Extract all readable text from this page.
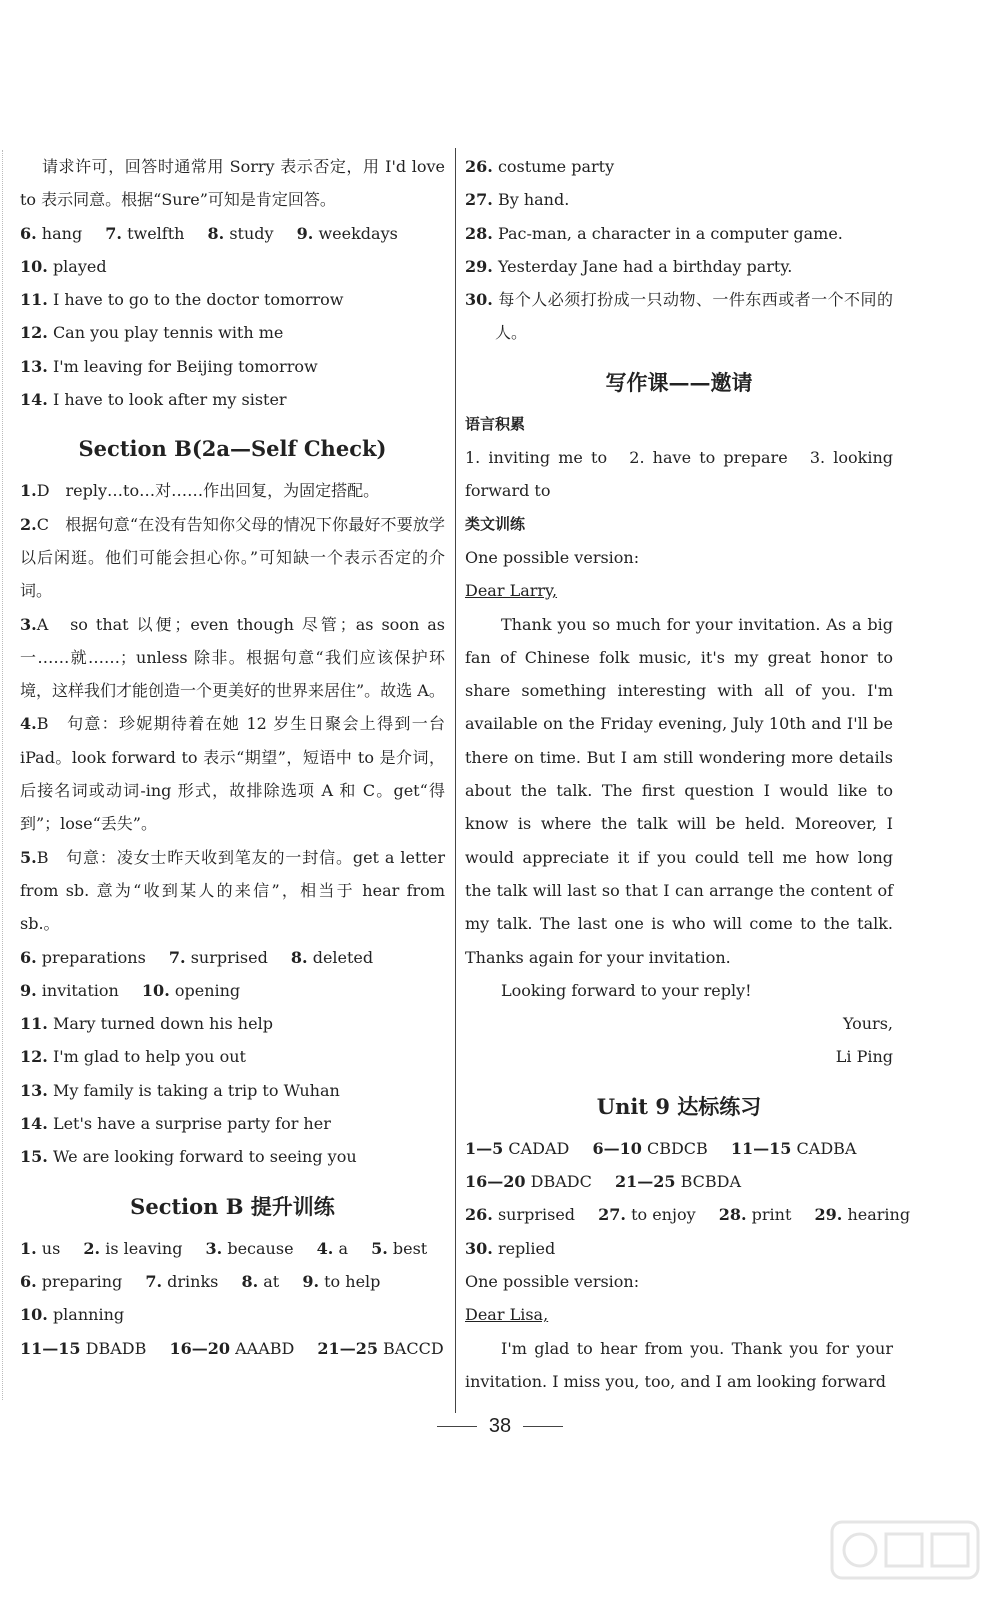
请求许可，回答时通常用 Sorry 表示否定，用 I'd love to 表示同意。根据“Sure”可知是肯定回答。
6. hang 7. twelfth 8. study 9. weekdays
10. played
11. I have to go to the doctor tomorrow
12. Can you play tennis with me
13. I'm leaving for Beijing tomorrow
14. I have to look after my sister
Section B(2a—Self Check)
1.D　reply…to…对……作出回复，为固定搭配。
2.C　根据句意“在没有告知你父母的情况下你最好不要放学以后闲逛。他们可能会担心你。”可知缺一个表示否定的介词。
3.A　so that 以便；even though 尽管；as soon as 一……就……；unless 除非。根据句意“我们应该保护环境，这样我们才能创造一个更美好的世界来居住”。故选 A。
4.B　句意：珍妮期待着在她 12 岁生日聚会上得到一台iPad。look forward to 表示“期望”，短语中 to 是介词，后接名词或动词-ing 形式，故排除选项 A 和 C。get“得到”；lose“丢失”。
5.B　句意：凌女士昨天收到笔友的一封信。get a letter from sb. 意为“收到某人的来信”，相当于 hear from sb.。
6. preparations 7. surprised 8. deleted
9. invitation 10. opening
11. Mary turned down his help
12. I'm glad to help you out
13. My family is taking a trip to Wuhan
14. Let's have a surprise party for her
15. We are looking forward to seeing you
Section B 提升训练
1. us 2. is leaving 3. because 4. a 5. best
6. preparing 7. drinks 8. at 9. to help
10. planning
11—15 DBADB 16—20 AAABD 21—25 BACCD
26. costume party
27. By hand.
28. Pac-man, a character in a computer game.
29. Yesterday Jane had a birthday party.
30. 每个人必须打扮成一只动物、一件东西或者一个不同的人。
写作课——邀请
语言积累
1. inviting me to　2. have to prepare　3. looking forward to
类文训练
One possible version:
Dear Larry,
Thank you so much for your invitation. As a big fan of Chinese folk music, it's my great honor to share something interesting with all of you. I'm available on the Friday evening, July 10th and I'll be there on time. But I am still wondering more details about the talk. The first question I would like to know is where the talk will be held. Moreover, I would appreciate it if you could tell me how long the talk will last so that I can arrange the content of my talk. The last one is who will come to the talk. Thanks again for your invitation.
Looking forward to your reply!
Yours,
Li Ping
Unit 9 达标练习
1—5 CADAD 6—10 CBDCB 11—15 CADBA
16—20 DBADC 21—25 BCBDA
26. surprised 27. to enjoy 28. print 29. hearing
30. replied
One possible version:
Dear Lisa,
I'm glad to hear from you. Thank you for your invitation. I miss you, too, and I am looking forward
38
